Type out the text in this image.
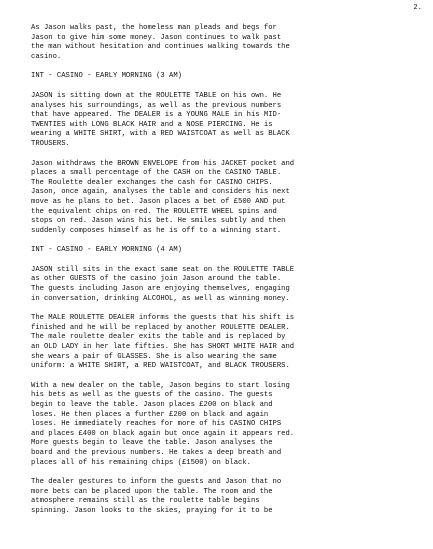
2.

As Jason walks past, the homeless man pleads and begs for
Jason to give him some money. Jason continues to walk past
the man without hesitation and continues walking towards the
casino.

INT - CASINO - EARLY MORNING (3 AM)

JASON is sitting down at the ROULETTE TABLE on his own. He
analyses his surroundings, as well as the previous numbers
that have appeared. The DEALER is a YOUNG MALE in his MID-
TWENTIES with LONG BLACK HAIR and a NOSE PIERCING. He is
wearing a WHITE SHIRT, with a RED WAISTCOAT as well as BLACK
TROUSERS.

Jason withdraws the BROWN ENVELOPE from his JACKET pocket and
places a small percentage of the CASH on the CASINO TABLE.
The Roulette dealer exchanges the cash for CASINO CHIPS.
Jason, once again, analyses the table and considers his next
move as he plans to bet. Jason places a bet of £500 AND put
the equivalent chips on red. The ROULETTE WHEEL spins and
stops on red. Jason wins his bet. He smiles subtly and then
suddenly composes himself as he is off to a winning start.

INT - CASINO - EARLY MORNING (4 AM)

JASON still sits in the exact same seat on the ROULETTE TABLE
as other GUESTS of the casino join Jason around the table.
The guests including Jason are enjoying themselves, engaging
in conversation, drinking ALCOHOL, as well as winning money.

The MALE ROULETTE DEALER informs the guests that his shift is
finished and he will be replaced by another ROULETTE DEALER.
The male roulette dealer exits the table and is replaced by
an OLD LADY in her late fifties. She has SHORT WHITE HAIR and
she wears a pair of GLASSES. She is also wearing the same
uniform: a WHITE SHIRT, a RED WAISTCOAT, and BLACK TROUSERS.

With a new dealer on the table, Jason begins to start losing
his bets as well as the guests of the casino. The guests
begin to leave the table. Jason places £200 on black and
loses. He then places a further £200 on black and again
loses. He immediately reaches for more of his CASINO CHIPS
and places £400 on black again but once again it appears red.
More guests begin to leave the table. Jason analyses the
board and the previous numbers. He takes a deep breath and
places all of his remaining chips (£1500) on black.

The dealer gestures to inform the guests and Jason that no
more bets can be placed upon the table. The room and the
atmosphere remains still as the roulette table begins
spinning. Jason looks to the skies, praying for it to be
